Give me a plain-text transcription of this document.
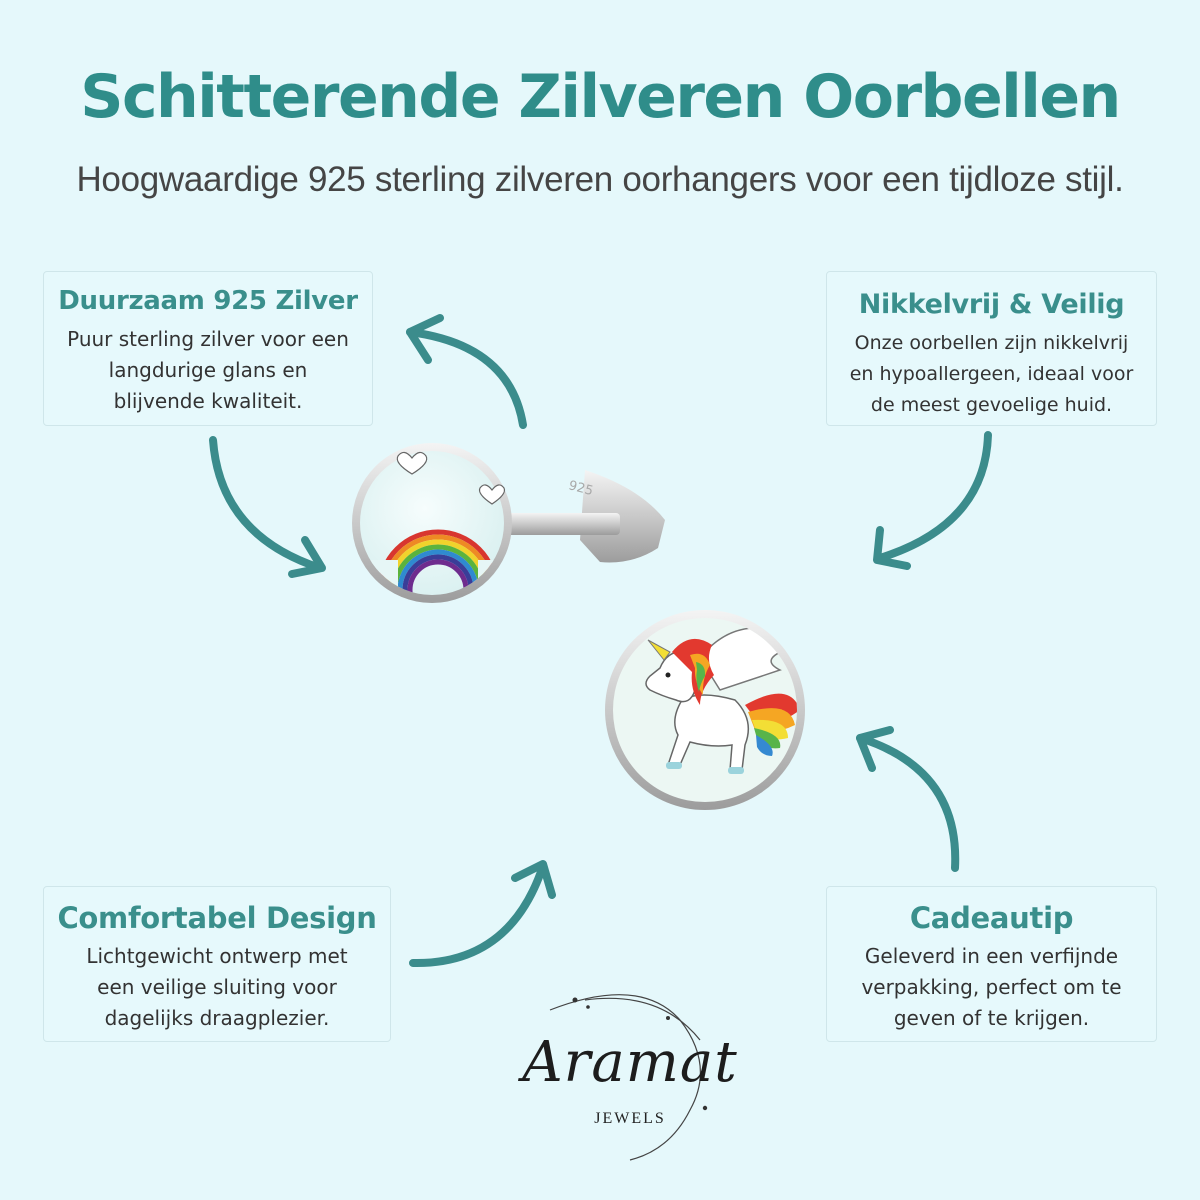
Schitterende Zilveren Oorbellen
Hoogwaardige 925 sterling zilveren oorhangers voor een tijdloze stijl.
Duurzaam 925 Zilver

Puur sterling zilver voor een

langdurige glans en

blijvende kwaliteit.

Nikkelvrij & Veilig

Onze oorbellen zijn nikkelvrij

en hypoallergeen, ideaal voor

de meest gevoelige huid.

Comfortabel Design

Lichtgewicht ontwerp met

een veilige sluiting voor

dagelijks draagplezier.

Cadeautip

Geleverd in een verfijnde

verpakking, perfect om te

geven of te krijgen.

925
Aramat
JEWELS
